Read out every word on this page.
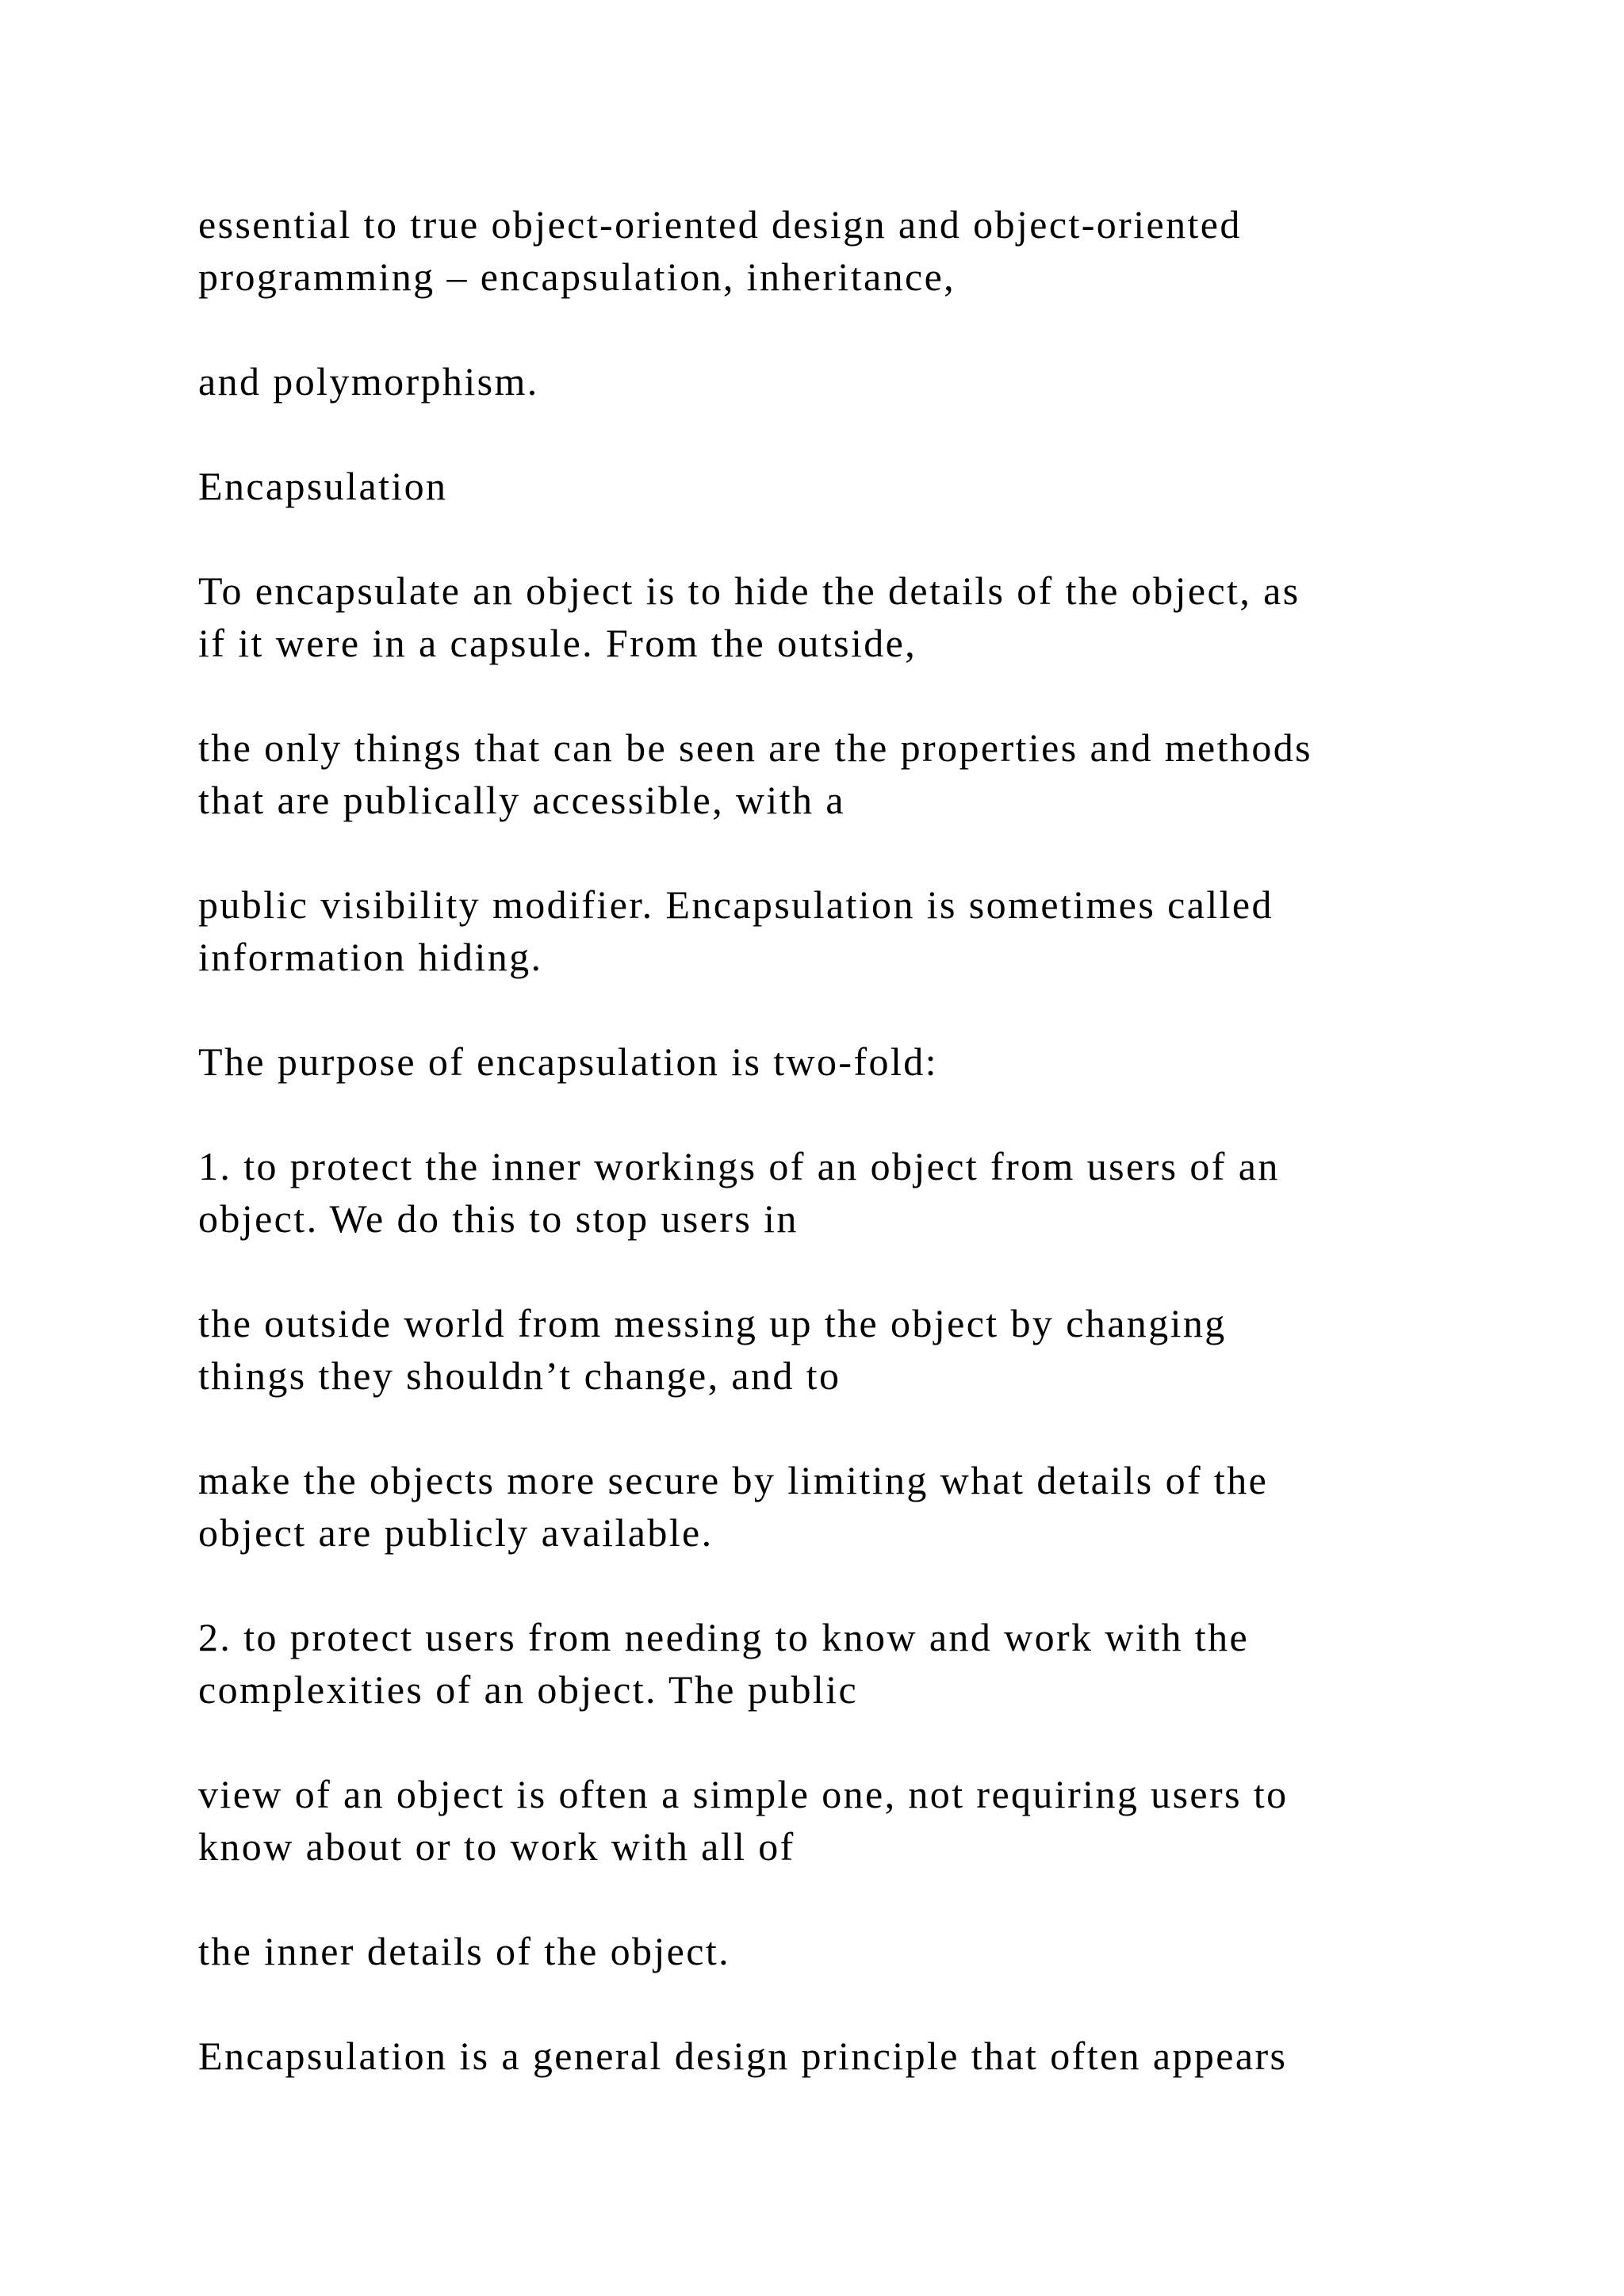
essential to true object-oriented design and object-oriented
programming – encapsulation, inheritance,

and polymorphism.

Encapsulation

To encapsulate an object is to hide the details of the object, as
if it were in a capsule. From the outside,

the only things that can be seen are the properties and methods
that are publically accessible, with a

public visibility modifier. Encapsulation is sometimes called
information hiding.

The purpose of encapsulation is two-fold:

1. to protect the inner workings of an object from users of an
object. We do this to stop users in

the outside world from messing up the object by changing
things they shouldn’t change, and to

make the objects more secure by limiting what details of the
object are publicly available.

2. to protect users from needing to know and work with the
complexities of an object. The public

view of an object is often a simple one, not requiring users to
know about or to work with all of

the inner details of the object.

Encapsulation is a general design principle that often appears
